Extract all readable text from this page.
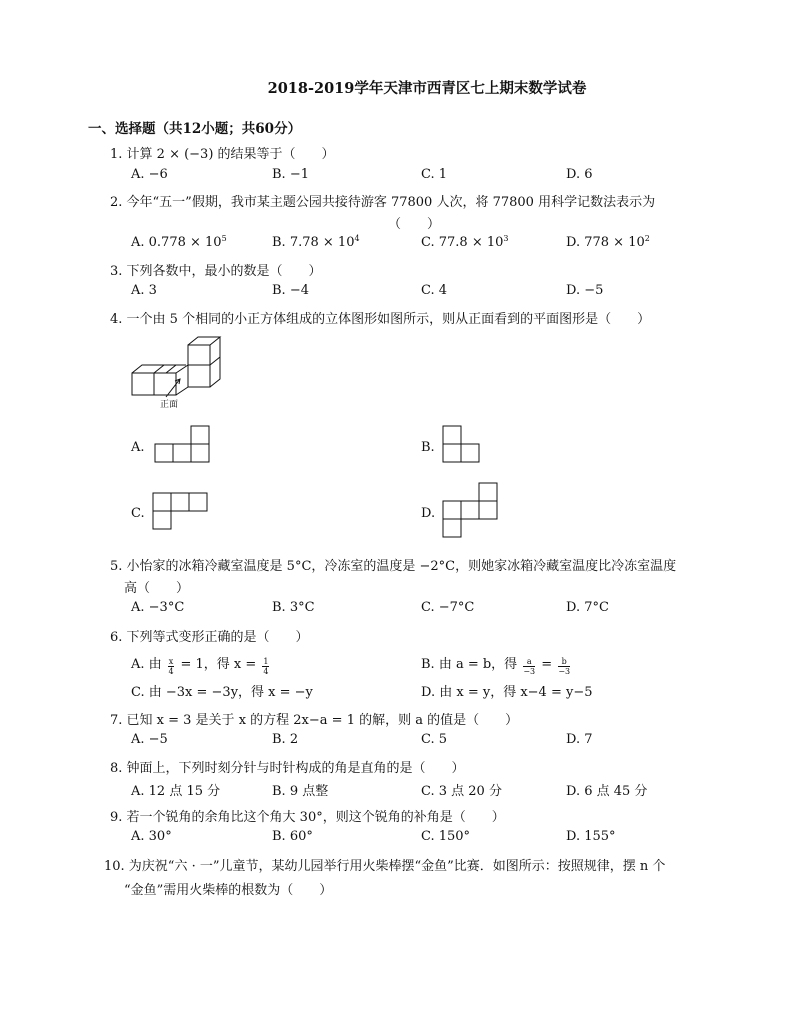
2018-2019学年天津市西青区七上期末数学试卷
一、选择题（共12小题；共60分）
1. 计算 2 × (−3) 的结果等于（　　）
A. −6	B. −1	C. 1	D. 6
2. 今年“五一”假期，我市某主题公园共接待游客 77800 人次，将 77800 用科学记数法表示为
（　　）
A. $0.778 \times 10^5$	B. $7.78 \times 10^4$	C. $77.8 \times 10^3$	D. $778 \times 10^2$
3. 下列各数中，最小的数是（　　）
A. 3	B. −4	C. 4	D. −5
4. 一个由 5 个相同的小正方体组成的立体图形如图所示，则从正面看到的平面图形是（　　）
正面
A.	B.
C.	D.
5. 小怡家的冰箱冷藏室温度是 5°C，冷冻室的温度是 −2°C，则她家冰箱冷藏室温度比冷冻室温度
高（　　）
A. −3°C	B. 3°C	C. −7°C	D. 7°C
6. 下列等式变形正确的是（　　）
A. 由 $\frac{x}{4} = 1$，得 $x = \frac{1}{4}$	B. 由 a = b，得 $\frac{a}{-3} = \frac{b}{-3}$
C. 由 −3x = −3y，得 x = −y	D. 由 x = y，得 x−4 = y−5
7. 已知 x = 3 是关于 x 的方程 2x−a = 1 的解，则 a 的值是（　　）
A. −5	B. 2	C. 5	D. 7
8. 钟面上，下列时刻分针与时针构成的角是直角的是（　　）
A. 12 点 15 分	B. 9 点整	C. 3 点 20 分	D. 6 点 45 分
9. 若一个锐角的余角比这个角大 30°，则这个锐角的补角是（　　）
A. 30°	B. 60°	C. 150°	D. 155°
10. 为庆祝“六 · 一”儿童节，某幼儿园举行用火柴棒摆“金鱼”比赛．如图所示：按照规律，摆 n 个
“金鱼”需用火柴棒的根数为（　　）
